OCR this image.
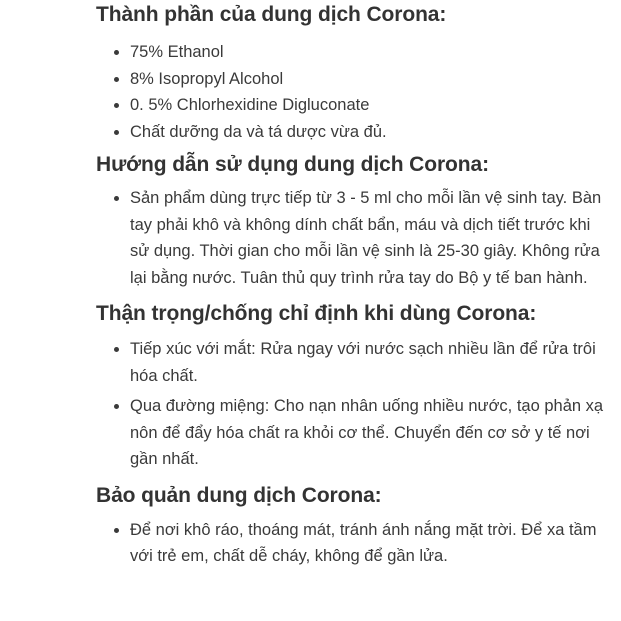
Thành phần của dung dịch Corona:
75% Ethanol
8% Isopropyl Alcohol
0. 5% Chlorhexidine Digluconate
Chất dưỡng da và tá dược vừa đủ.
Hướng dẫn sử dụng dung dịch Corona:
Sản phẩm dùng trực tiếp từ 3 - 5 ml cho mỗi lần vệ sinh tay. Bàn tay phải khô và không dính chất bẩn, máu và dịch tiết trước khi sử dụng. Thời gian cho mỗi lần vệ sinh là 25-30 giây. Không rửa lại bằng nước. Tuân thủ quy trình rửa tay do Bộ y tế ban hành.
Thận trọng/chống chỉ định khi dùng Corona:
Tiếp xúc với mắt: Rửa ngay với nước sạch nhiều lần để rửa trôi hóa chất.
Qua đường miệng: Cho nạn nhân uống nhiều nước, tạo phản xạ nôn để đẩy hóa chất ra khỏi cơ thể. Chuyển đến cơ sở y tế nơi gần nhất.
Bảo quản dung dịch Corona:
Để nơi khô ráo, thoáng mát, tránh ánh nắng mặt trời. Để xa tầm với trẻ em, chất dễ cháy, không để gần lửa.
